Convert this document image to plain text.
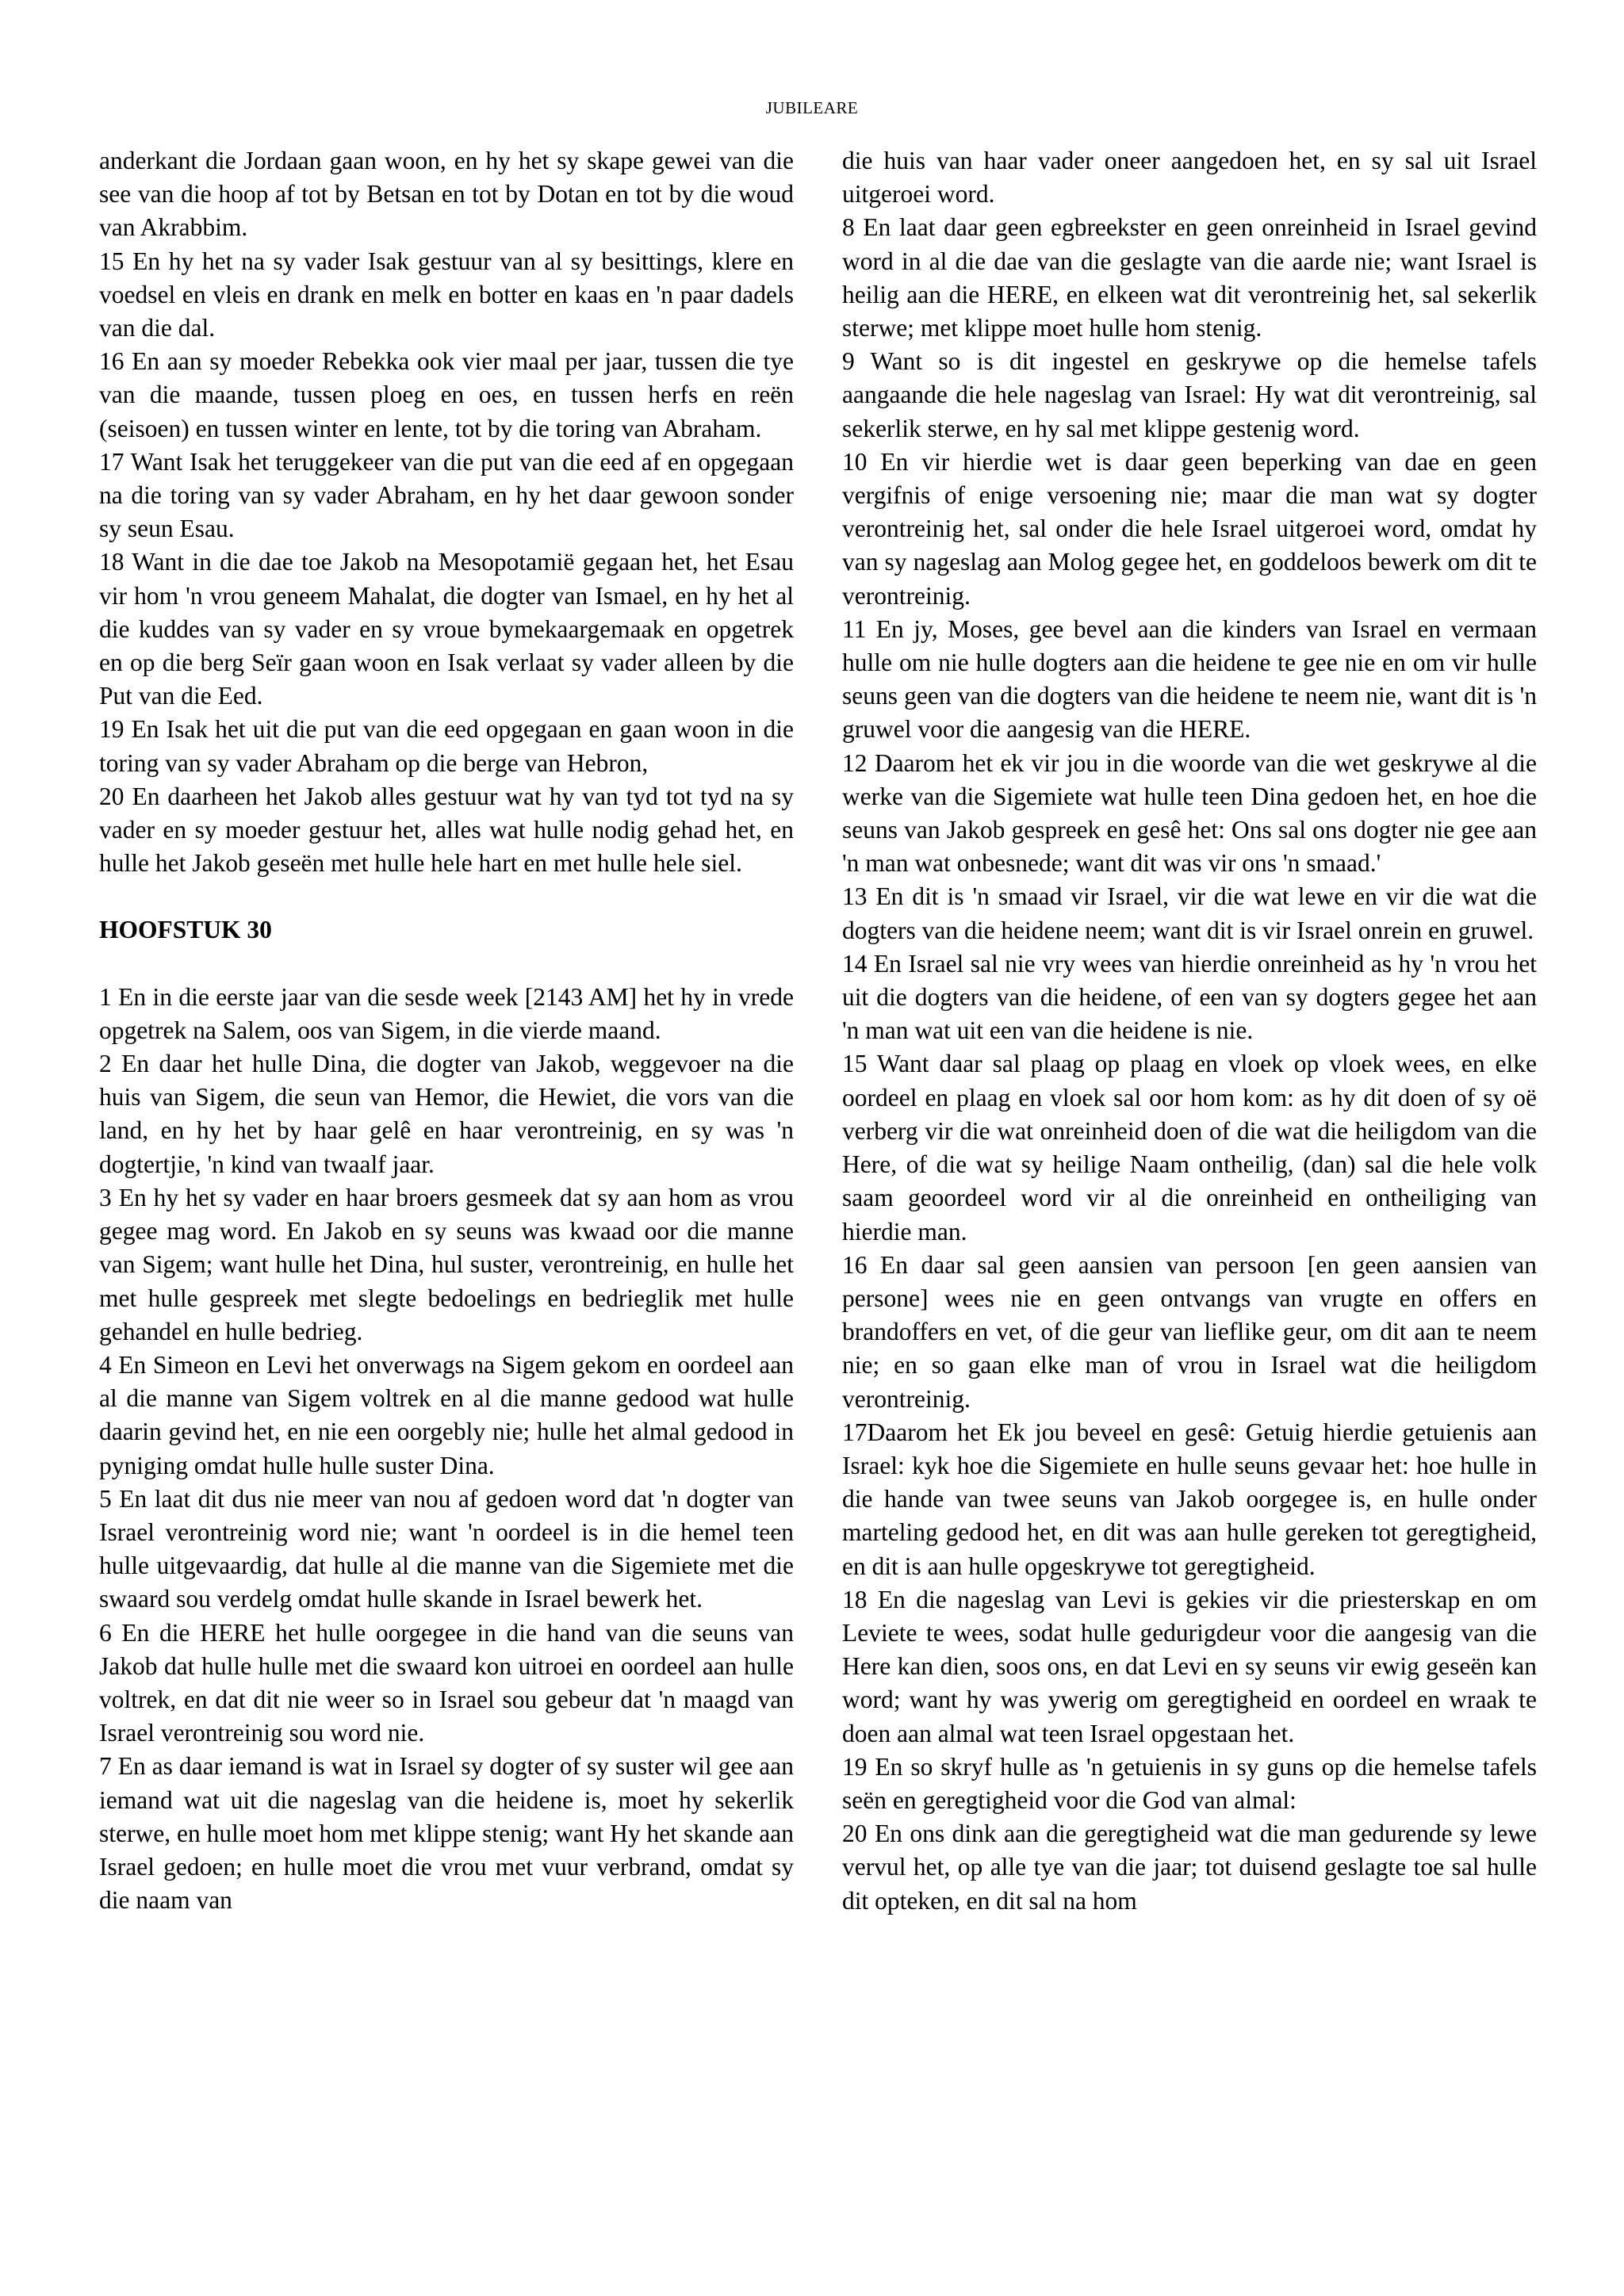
JUBILEARE

anderkant die Jordaan gaan woon, en hy het sy skape gewei van die see van die hoop af tot by Betsan en tot by Dotan en tot by die woud van Akrabbim.

15 En hy het na sy vader Isak gestuur van al sy besittings, klere en voedsel en vleis en drank en melk en botter en kaas en 'n paar dadels van die dal.

16 En aan sy moeder Rebekka ook vier maal per jaar, tussen die tye van die maande, tussen ploeg en oes, en tussen herfs en reën (seisoen) en tussen winter en lente, tot by die toring van Abraham.

17 Want Isak het teruggekeer van die put van die eed af en opgegaan na die toring van sy vader Abraham, en hy het daar gewoon sonder sy seun Esau.

18 Want in die dae toe Jakob na Mesopotamië gegaan het, het Esau vir hom 'n vrou geneem Mahalat, die dogter van Ismael, en hy het al die kuddes van sy vader en sy vroue bymekaargemaak en opgetrek en op die berg Seïr gaan woon en Isak verlaat sy vader alleen by die Put van die Eed.

19 En Isak het uit die put van die eed opgegaan en gaan woon in die toring van sy vader Abraham op die berge van Hebron,

20 En daarheen het Jakob alles gestuur wat hy van tyd tot tyd na sy vader en sy moeder gestuur het, alles wat hulle nodig gehad het, en hulle het Jakob geseën met hulle hele hart en met hulle hele siel.

HOOFSTUK 30

1 En in die eerste jaar van die sesde week [2143 AM] het hy in vrede opgetrek na Salem, oos van Sigem, in die vierde maand.

2 En daar het hulle Dina, die dogter van Jakob, weggevoer na die huis van Sigem, die seun van Hemor, die Hewiet, die vors van die land, en hy het by haar gelê en haar verontreinig, en sy was 'n dogtertjie, 'n kind van twaalf jaar.

3 En hy het sy vader en haar broers gesmeek dat sy aan hom as vrou gegee mag word. En Jakob en sy seuns was kwaad oor die manne van Sigem; want hulle het Dina, hul suster, verontreinig, en hulle het met hulle gespreek met slegte bedoelings en bedrieglik met hulle gehandel en hulle bedrieg.

4 En Simeon en Levi het onverwags na Sigem gekom en oordeel aan al die manne van Sigem voltrek en al die manne gedood wat hulle daarin gevind het, en nie een oorgebly nie; hulle het almal gedood in pyniging omdat hulle hulle suster Dina.

5 En laat dit dus nie meer van nou af gedoen word dat 'n dogter van Israel verontreinig word nie; want 'n oordeel is in die hemel teen hulle uitgevaardig, dat hulle al die manne van die Sigemiete met die swaard sou verdelg omdat hulle skande in Israel bewerk het.

6 En die HERE het hulle oorgegee in die hand van die seuns van Jakob dat hulle hulle met die swaard kon uitroei en oordeel aan hulle voltrek, en dat dit nie weer so in Israel sou gebeur dat 'n maagd van Israel verontreinig sou word nie.

7 En as daar iemand is wat in Israel sy dogter of sy suster wil gee aan iemand wat uit die nageslag van die heidene is, moet hy sekerlik sterwe, en hulle moet hom met klippe stenig; want Hy het skande aan Israel gedoen; en hulle moet die vrou met vuur verbrand, omdat sy die naam van

die huis van haar vader oneer aangedoen het, en sy sal uit Israel uitgeroei word.

8 En laat daar geen egbreekster en geen onreinheid in Israel gevind word in al die dae van die geslagte van die aarde nie; want Israel is heilig aan die HERE, en elkeen wat dit verontreinig het, sal sekerlik sterwe; met klippe moet hulle hom stenig.

9 Want so is dit ingestel en geskrywe op die hemelse tafels aangaande die hele nageslag van Israel: Hy wat dit verontreinig, sal sekerlik sterwe, en hy sal met klippe gestenig word.

10 En vir hierdie wet is daar geen beperking van dae en geen vergifnis of enige versoening nie; maar die man wat sy dogter verontreinig het, sal onder die hele Israel uitgeroei word, omdat hy van sy nageslag aan Molog gegee het, en goddeloos bewerk om dit te verontreinig.

11 En jy, Moses, gee bevel aan die kinders van Israel en vermaan hulle om nie hulle dogters aan die heidene te gee nie en om vir hulle seuns geen van die dogters van die heidene te neem nie, want dit is 'n gruwel voor die aangesig van die HERE.

12 Daarom het ek vir jou in die woorde van die wet geskrywe al die werke van die Sigemiete wat hulle teen Dina gedoen het, en hoe die seuns van Jakob gespreek en gesê het: Ons sal ons dogter nie gee aan 'n man wat onbesnede; want dit was vir ons 'n smaad.'

13 En dit is 'n smaad vir Israel, vir die wat lewe en vir die wat die dogters van die heidene neem; want dit is vir Israel onrein en gruwel.

14 En Israel sal nie vry wees van hierdie onreinheid as hy 'n vrou het uit die dogters van die heidene, of een van sy dogters gegee het aan 'n man wat uit een van die heidene is nie.

15 Want daar sal plaag op plaag en vloek op vloek wees, en elke oordeel en plaag en vloek sal oor hom kom: as hy dit doen of sy oë verberg vir die wat onreinheid doen of die wat die heiligdom van die Here, of die wat sy heilige Naam ontheilig, (dan) sal die hele volk saam geoordeel word vir al die onreinheid en ontheiliging van hierdie man.

16 En daar sal geen aansien van persoon [en geen aansien van persone] wees nie en geen ontvangs van vrugte en offers en brandoffers en vet, of die geur van lieflike geur, om dit aan te neem nie; en so gaan elke man of vrou in Israel wat die heiligdom verontreinig.

17Daarom het Ek jou beveel en gesê: Getuig hierdie getuienis aan Israel: kyk hoe die Sigemiete en hulle seuns gevaar het: hoe hulle in die hande van twee seuns van Jakob oorgegee is, en hulle onder marteling gedood het, en dit was aan hulle gereken tot geregtigheid, en dit is aan hulle opgeskrywe tot geregtigheid.

18 En die nageslag van Levi is gekies vir die priesterskap en om Leviete te wees, sodat hulle gedurigdeur voor die aangesig van die Here kan dien, soos ons, en dat Levi en sy seuns vir ewig geseën kan word; want hy was ywerig om geregtigheid en oordeel en wraak te doen aan almal wat teen Israel opgestaan het.

19 En so skryf hulle as 'n getuienis in sy guns op die hemelse tafels seën en geregtigheid voor die God van almal:

20 En ons dink aan die geregtigheid wat die man gedurende sy lewe vervul het, op alle tye van die jaar; tot duisend geslagte toe sal hulle dit opteken, en dit sal na hom
